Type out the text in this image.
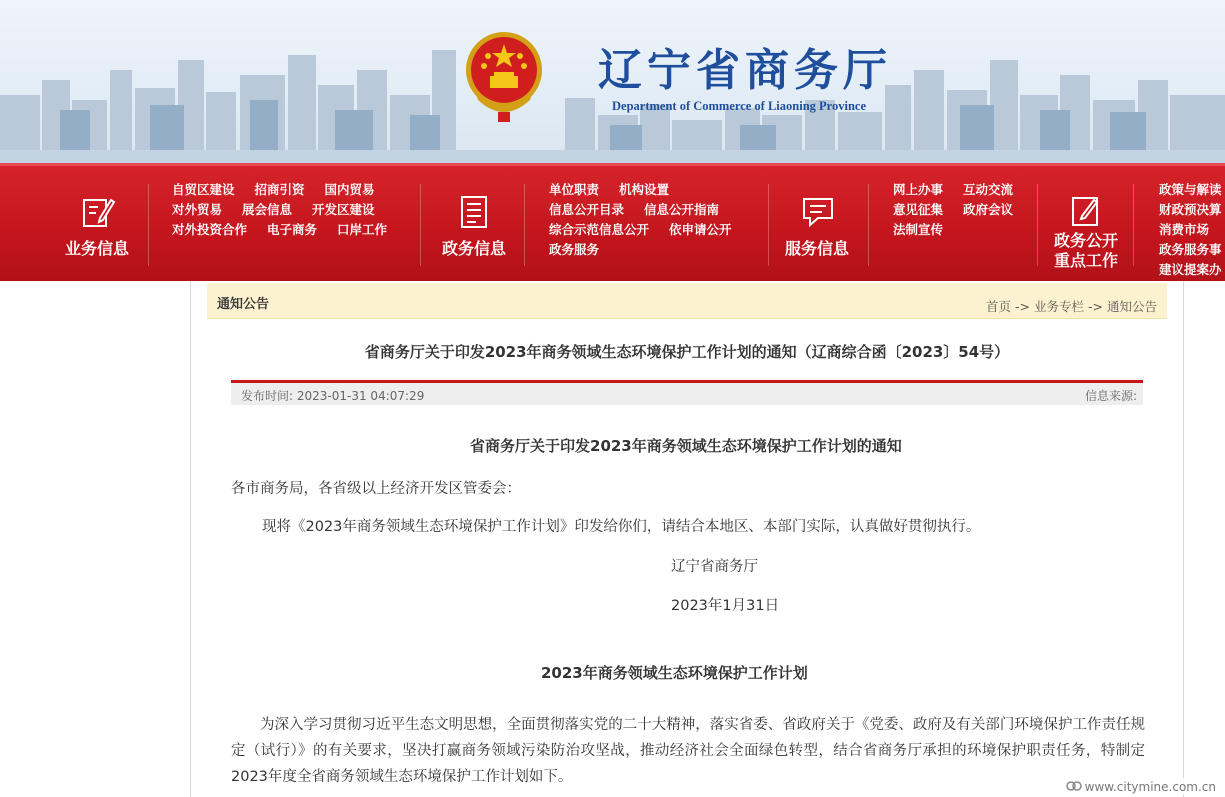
辽宁省商务厅
Department of Commerce of Liaoning Province
业务信息
自贸区建设 招商引资 国内贸易
对外贸易 展会信息 开发区建设
对外投资合作 电子商务 口岸工作
政务信息
单位职责 机构设置
信息公开目录 信息公开指南
综合示范信息公开 依申请公开
政务服务	服务信息
网上办事 互动交流
意见征集 政府会议
法制宣传
政务公开
重点工作
政策与解读
财政预决算
消费市场
政务服务事
建议提案办
通知公告	首页 -> 业务专栏 -> 通知公告
省商务厅关于印发2023年商务领域生态环境保护工作计划的通知（辽商综合函〔2023〕54号）
发布时间: 2023-01-31 04:07:29	信息来源:
省商务厅关于印发2023年商务领域生态环境保护工作计划的通知
各市商务局，各省级以上经济开发区管委会：
现将《2023年商务领域生态环境保护工作计划》印发给你们，请结合本地区、本部门实际，认真做好贯彻执行。
辽宁省商务厅
2023年1月31日
2023年商务领域生态环境保护工作计划
为深入学习贯彻习近平生态文明思想，全面贯彻落实党的二十大精神，落实省委、省政府关于《党委、政府及有关部门环境保护工作责任规定（试行）》的有关要求，坚决打赢商务领域污染防治攻坚战，推动经济社会全面绿色转型，结合省商务厅承担的环境保护职责任务，特制定2023年度全省商务领域生态环境保护工作计划如下。
www.citymine.com.cn
